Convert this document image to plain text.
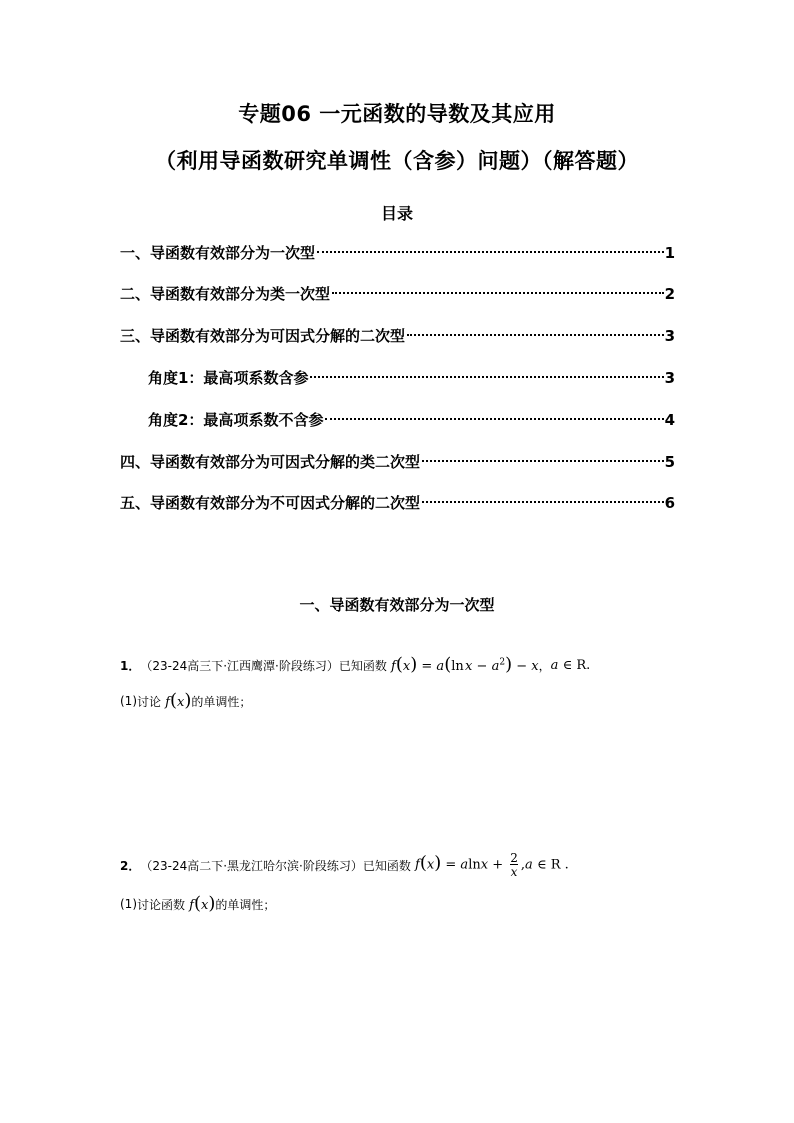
专题06 一元函数的导数及其应用
（利用导函数研究单调性（含参）问题）（解答题）
目录
一、导函数有效部分为一次型	1
二、导函数有效部分为类一次型	2
三、导函数有效部分为可因式分解的二次型	3
角度1：最高项系数含参	3
角度2：最高项系数不含参	4
四、导函数有效部分为可因式分解的类二次型	5
五、导函数有效部分为不可因式分解的二次型	6
一、导函数有效部分为一次型
1． （23-24高三下·江西鹰潭·阶段练习） 已知函数 f(x) = a(ln $x - a^2) - x$ ， a ∈ R.
(1) 讨论 f(x) 的单调性；
2． （23-24高二下·黑龙江哈尔滨·阶段练习） 已知函数 $f(x) = alnx + \frac{2}{x} ,a$ ∈ R .
(1) 讨论函数 f(x) 的单调性；
